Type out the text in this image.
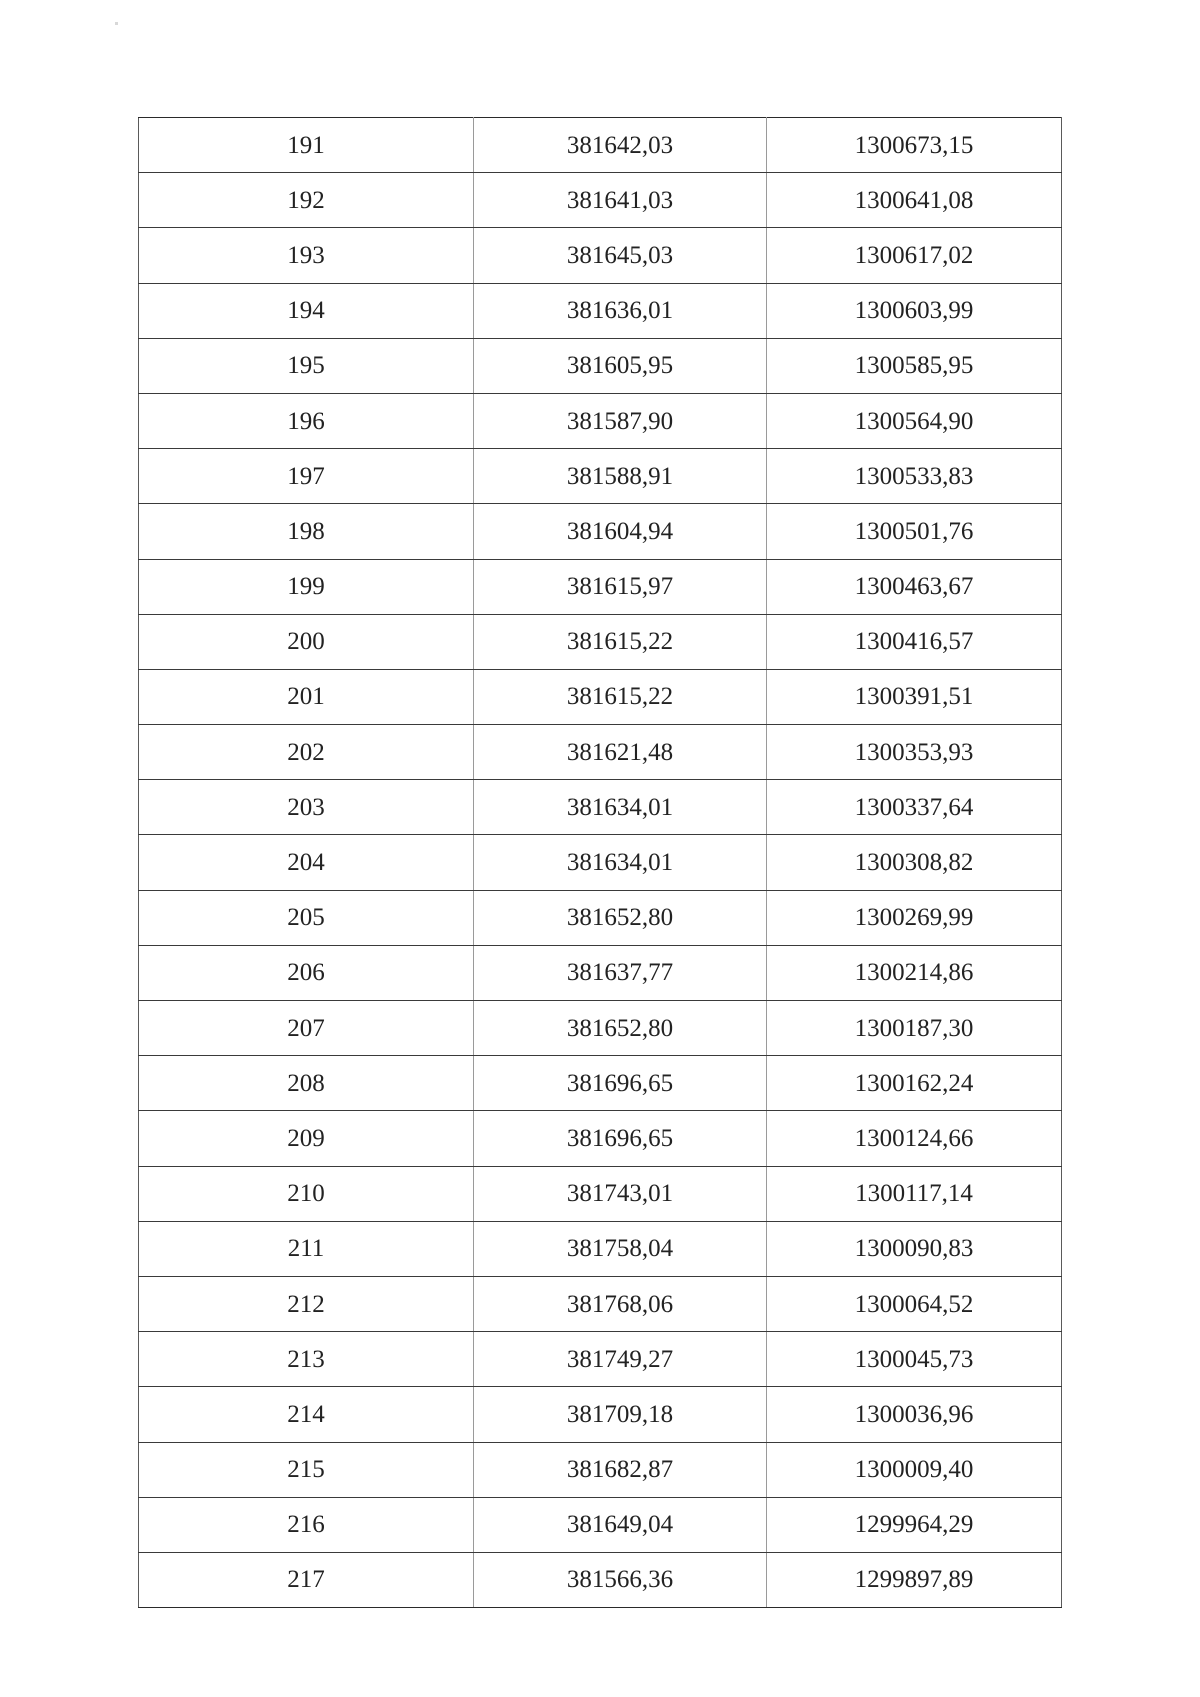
191	381642,03	1300673,15
192	381641,03	1300641,08
193	381645,03	1300617,02
194	381636,01	1300603,99
195	381605,95	1300585,95
196	381587,90	1300564,90
197	381588,91	1300533,83
198	381604,94	1300501,76
199	381615,97	1300463,67
200	381615,22	1300416,57
201	381615,22	1300391,51
202	381621,48	1300353,93
203	381634,01	1300337,64
204	381634,01	1300308,82
205	381652,80	1300269,99
206	381637,77	1300214,86
207	381652,80	1300187,30
208	381696,65	1300162,24
209	381696,65	1300124,66
210	381743,01	1300117,14
211	381758,04	1300090,83
212	381768,06	1300064,52
213	381749,27	1300045,73
214	381709,18	1300036,96
215	381682,87	1300009,40
216	381649,04	1299964,29
217	381566,36	1299897,89
